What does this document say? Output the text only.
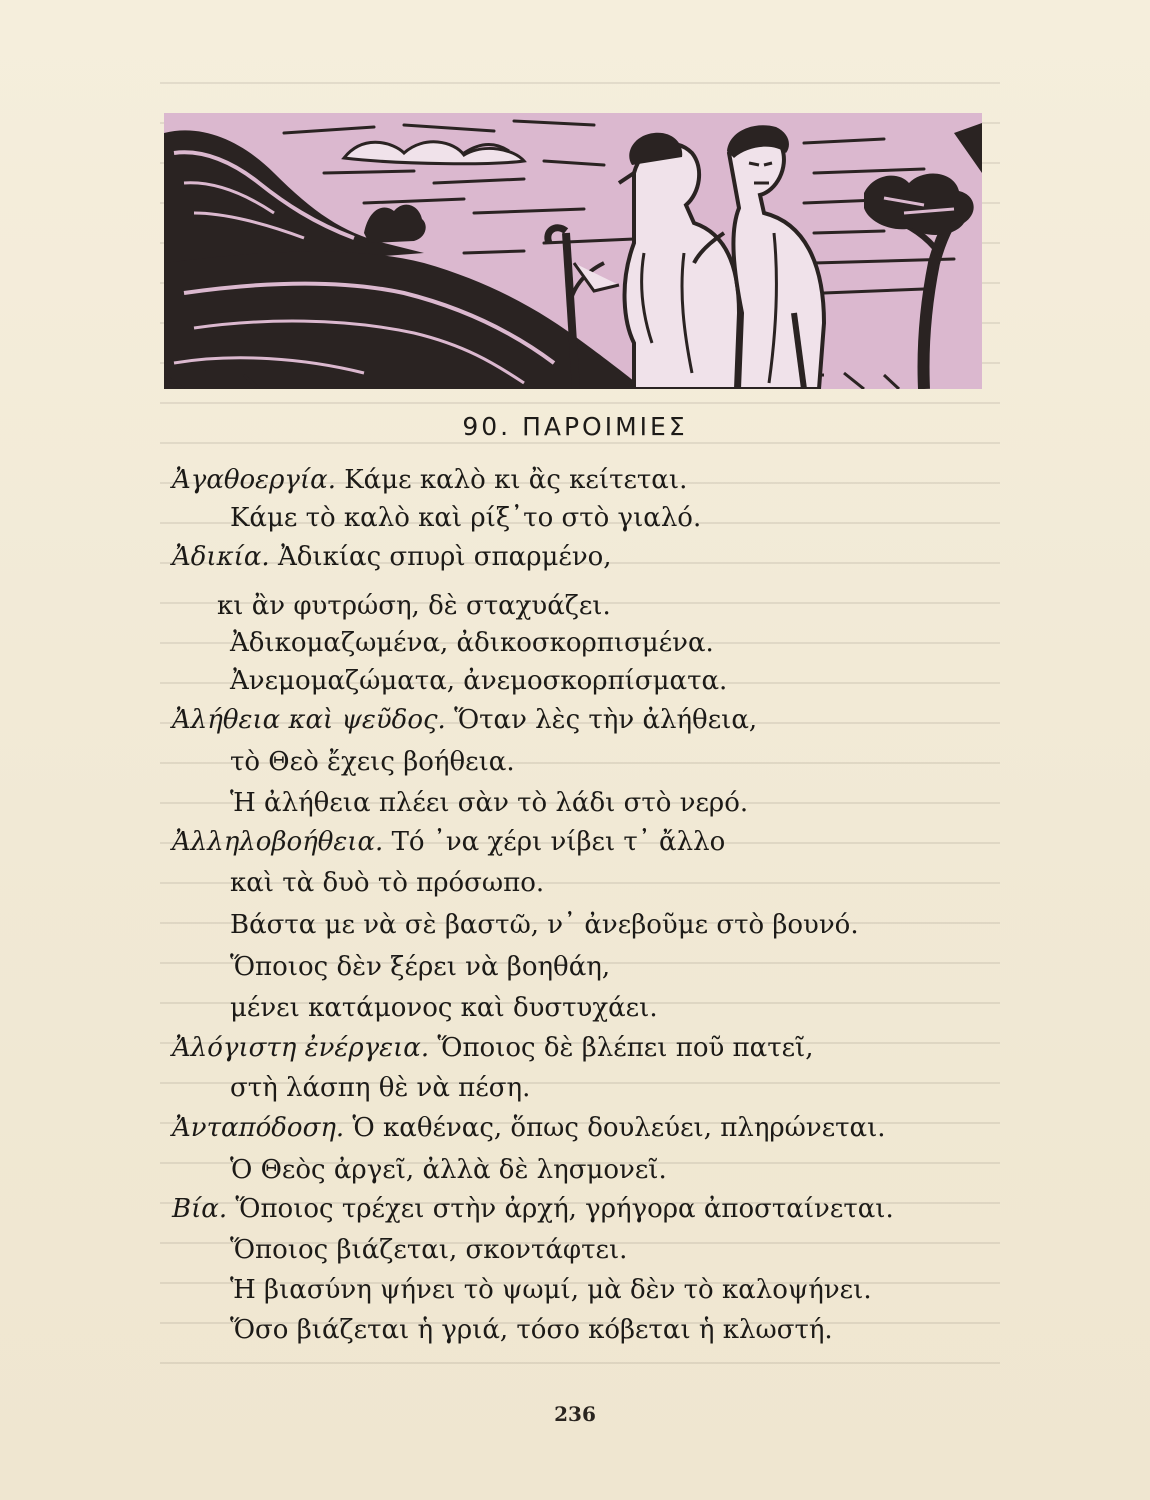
90. ΠΑΡΟΙΜΙΕΣ
Ἀγαθοεργία. Κάμε καλὸ κι ἂς κείτεται.
Κάμε τὸ καλὸ καὶ ρίξ᾿το στὸ γιαλό.
Ἀδικία. Ἀδικίας σπυρὶ σπαρμένο,
κι ἂν φυτρώση, δὲ σταχυάζει.
Ἀδικομαζωμένα, ἀδικοσκορπισμένα.
Ἀνεμομαζώματα, ἀνεμοσκορπίσματα.
Ἀλήθεια καὶ ψεῦδος. Ὅταν λὲς τὴν ἀλήθεια,
τὸ Θεὸ ἔχεις βοήθεια.
Ἡ ἀλήθεια πλέει σὰν τὸ λάδι στὸ νερό.
Ἀλληλοβοήθεια. Τό ᾿να χέρι νίβει τ᾿ ἄλλο
καὶ τὰ δυὸ τὸ πρόσωπο.
Βάστα με νὰ σὲ βαστῶ, ν᾿ ἀνεβοῦμε στὸ βουνό.
Ὅποιος δὲν ξέρει νὰ βοηθάη,
μένει κατάμονος καὶ δυστυχάει.
Ἀλόγιστη ἐνέργεια. Ὅποιος δὲ βλέπει ποῦ πατεῖ,
στὴ λάσπη θὲ νὰ πέση.
Ἀνταπόδοση. Ὁ καθένας, ὅπως δουλεύει, πληρώνεται.
Ὁ Θεὸς ἀργεῖ, ἀλλὰ δὲ λησμονεῖ.
Βία. Ὅποιος τρέχει στὴν ἀρχή, γρήγορα ἀποσταίνεται.
Ὅποιος βιάζεται, σκοντάφτει.
Ἡ βιασύνη ψήνει τὸ ψωμί, μὰ δὲν τὸ καλοψήνει.
Ὅσο βιάζεται ἡ γριά, τόσο κόβεται ἡ κλωστή.
236
